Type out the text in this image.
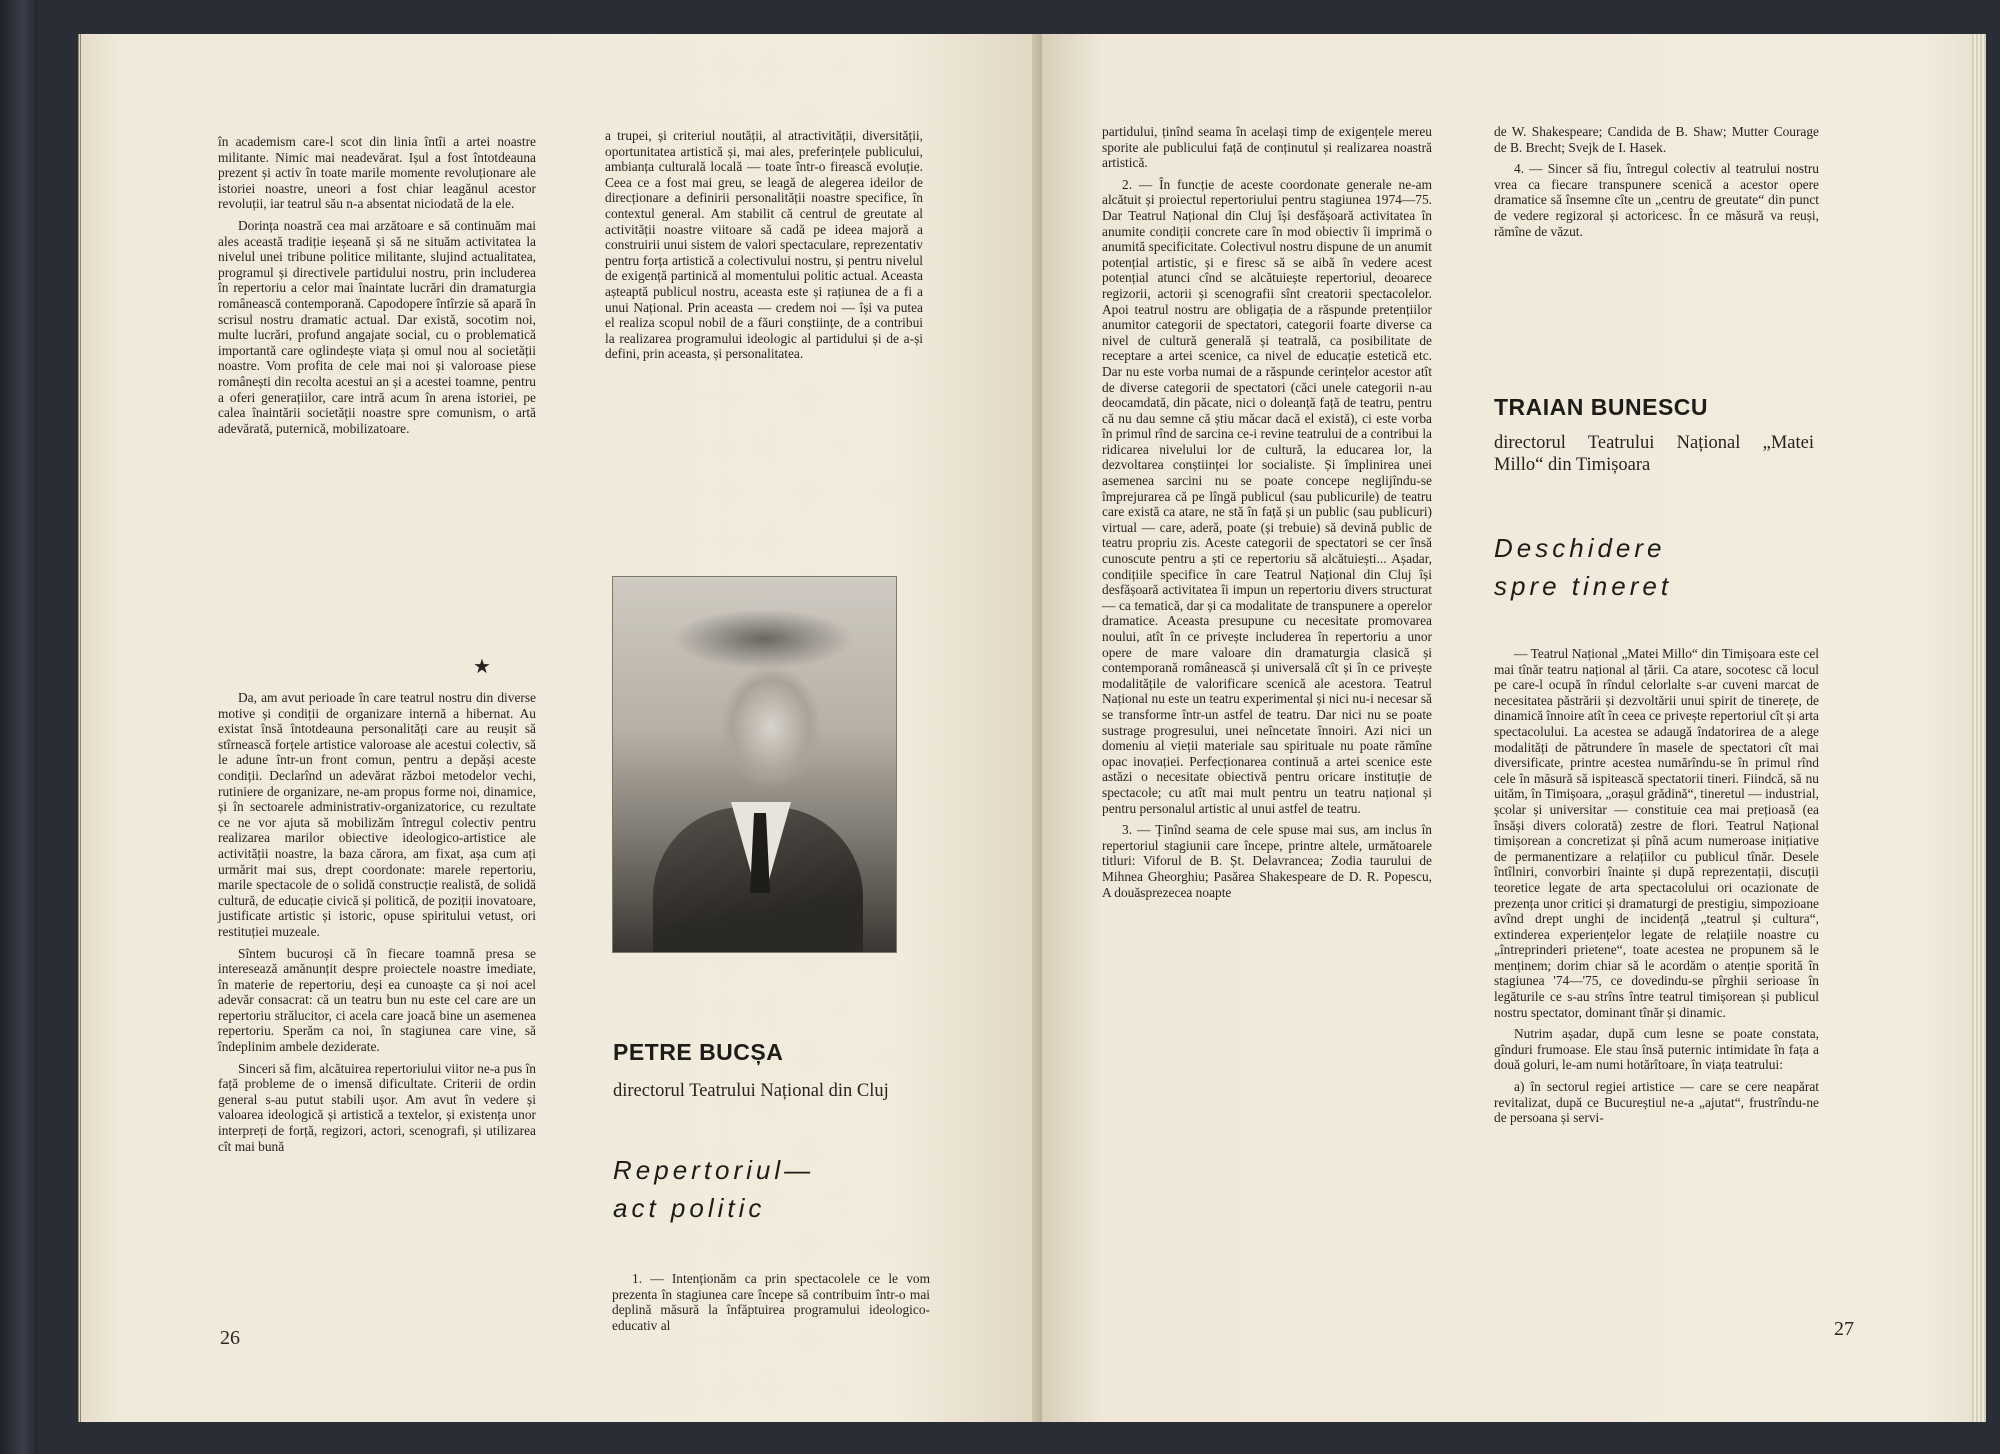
în academism care-l scot din linia întîi a artei noastre militante. Nimic mai neadevărat. Ișul a fost întotdeauna prezent și activ în toate marile momente revoluționare ale istoriei noastre, uneori a fost chiar leagănul acestor revoluții, iar teatrul său n-a absentat niciodată de la ele.

Dorința noastră cea mai arzătoare e să continuăm mai ales această tradiție ieșeană și să ne situăm activitatea la nivelul unei tribune politice militante, slujind actualitatea, programul și directivele partidului nostru, prin includerea în repertoriu a celor mai înaintate lucrări din dramaturgia românească contemporană. Capodopere întîrzie să apară în scrisul nostru dramatic actual. Dar există, socotim noi, multe lucrări, profund angajate social, cu o problematică importantă care oglindește viața și omul nou al societății noastre. Vom profita de cele mai noi și valoroase piese românești din recolta acestui an și a acestei toamne, pentru a oferi generațiilor, care intră acum în arena istoriei, pe calea înaintării societății noastre spre comunism, o artă adevărată, puternică, mobilizatoare.

★

Da, am avut perioade în care teatrul nostru din diverse motive și condiții de organizare internă a hibernat. Au existat însă întotdeauna personalități care au reușit să stîrnească forțele artistice valoroase ale acestui colectiv, să le adune într-un front comun, pentru a depăși aceste condiții. Declarînd un adevărat război metodelor vechi, rutiniere de organizare, ne-am propus forme noi, dinamice, și în sectoarele administrativ-organizatorice, cu rezultate ce ne vor ajuta să mobilizăm întregul colectiv pentru realizarea marilor obiective ideologico-artistice ale activității noastre, la baza cărora, am fixat, așa cum ați urmărit mai sus, drept coordonate: marele repertoriu, marile spectacole de o solidă construcție realistă, de solidă cultură, de educație civică și politică, de poziții inovatoare, justificate artistic și istoric, opuse spiritului vetust, ori restituției muzeale.

Sîntem bucuroși că în fiecare toamnă presa se interesează amănunțit despre proiectele noastre imediate, în materie de repertoriu, deși ea cunoaște ca și noi acel adevăr consacrat: că un teatru bun nu este cel care are un repertoriu strălucitor, ci acela care joacă bine un asemenea repertoriu. Sperăm ca noi, în stagiunea care vine, să îndeplinim ambele deziderate.

Sinceri să fim, alcătuirea repertoriului viitor ne-a pus în față probleme de o imensă dificultate. Criterii de ordin general s-au putut stabili ușor. Am avut în vedere și valoarea ideologică și artistică a textelor, și existența unor interpreți de forță, regizori, actori, scenografi, și utilizarea cît mai bună

a trupei, și criteriul noutății, al atractivității, diversității, oportunitatea artistică și, mai ales, preferințele publicului, ambianța culturală locală — toate într-o firească evoluție. Ceea ce a fost mai greu, se leagă de alegerea ideilor de direcționare a definirii personalității noastre specifice, în contextul general. Am stabilit că centrul de greutate al activității noastre viitoare să cadă pe ideea majoră a construirii unui sistem de valori spectaculare, reprezentativ pentru forța artistică a colectivului nostru, și pentru nivelul de exigență partinică al momentului politic actual. Aceasta așteaptă publicul nostru, aceasta este și rațiunea de a fi a unui Național. Prin aceasta — credem noi — își va putea el realiza scopul nobil de a făuri conștiințe, de a contribui la realizarea programului ideologic al partidului și de a-și defini, prin aceasta, și personalitatea.

PETRE BUCȘA
directorul Teatrului Național din Cluj
Repertoriul—
act politic

1. — Intenționăm ca prin spectacolele ce le vom prezenta în stagiunea care începe să contribuim într-o mai deplină măsură la înfăptuirea programului ideologico-educativ al

26

partidului, ținînd seama în același timp de exigențele mereu sporite ale publicului față de conținutul și realizarea noastră artistică.

2. — În funcție de aceste coordonate generale ne-am alcătuit și proiectul repertoriului pentru stagiunea 1974—75. Dar Teatrul Național din Cluj își desfășoară activitatea în anumite condiții concrete care în mod obiectiv îi imprimă o anumită specificitate. Colectivul nostru dispune de un anumit potențial artistic, și e firesc să se aibă în vedere acest potențial atunci cînd se alcătuiește repertoriul, deoarece regizorii, actorii și scenografii sînt creatorii spectacolelor. Apoi teatrul nostru are obligația de a răspunde pretențiilor anumitor categorii de spectatori, categorii foarte diverse ca nivel de cultură generală și teatrală, ca posibilitate de receptare a artei scenice, ca nivel de educație estetică etc. Dar nu este vorba numai de a răspunde cerințelor acestor atît de diverse categorii de spectatori (căci unele categorii n-au deocamdată, din păcate, nici o doleanță față de teatru, pentru că nu dau semne că știu măcar dacă el există), ci este vorba în primul rînd de sarcina ce-i revine teatrului de a contribui la ridicarea nivelului lor de cultură, la educarea lor, la dezvoltarea conștiinței lor socialiste. Și împlinirea unei asemenea sarcini nu se poate concepe neglijîndu-se împrejurarea că pe lîngă publicul (sau publicurile) de teatru care există ca atare, ne stă în față și un public (sau publicuri) virtual — care, aderă, poate (și trebuie) să devină public de teatru propriu zis. Aceste categorii de spectatori se cer însă cunoscute pentru a ști ce repertoriu să alcătuiești... Așadar, condițiile specifice în care Teatrul Național din Cluj își desfășoară activitatea îi impun un repertoriu divers structurat — ca tematică, dar și ca modalitate de transpunere a operelor dramatice. Aceasta presupune cu necesitate promovarea noului, atît în ce privește includerea în repertoriu a unor opere de mare valoare din dramaturgia clasică și contemporană românească și universală cît și în ce privește modalitățile de valorificare scenică ale acestora. Teatrul Național nu este un teatru experimental și nici nu-i necesar să se transforme într-un astfel de teatru. Dar nici nu se poate sustrage progresului, unei neîncetate înnoiri. Azi nici un domeniu al vieții materiale sau spirituale nu poate rămîne opac inovației. Perfecționarea continuă a artei scenice este astăzi o necesitate obiectivă pentru oricare instituție de spectacole; cu atît mai mult pentru un teatru național și pentru personalul artistic al unui astfel de teatru.

3. — Ținînd seama de cele spuse mai sus, am inclus în repertoriul stagiunii care începe, printre altele, următoarele titluri: Viforul de B. Șt. Delavrancea; Zodia taurului de Mihnea Gheorghiu; Pasărea Shakespeare de D. R. Popescu, A douăsprezecea noapte

de W. Shakespeare; Candida de B. Shaw; Mutter Courage de B. Brecht; Svejk de I. Hasek.

4. — Sincer să fiu, întregul colectiv al teatrului nostru vrea ca fiecare transpunere scenică a acestor opere dramatice să însemne cîte un „centru de greutate“ din punct de vedere regizoral și actoricesc. În ce măsură va reuși, rămîne de văzut.

TRAIAN BUNESCU
directorul Teatrului Național „Matei Millo“ din Timișoara
Deschidere
spre tineret

— Teatrul Național „Matei Millo“ din Timișoara este cel mai tînăr teatru național al țării. Ca atare, socotesc că locul pe care-l ocupă în rîndul celorlalte s-ar cuveni marcat de necesitatea păstrării și dezvoltării unui spirit de tinerețe, de dinamică înnoire atît în ceea ce privește repertoriul cît și arta spectacolului. La acestea se adaugă îndatorirea de a alege modalități de pătrundere în masele de spectatori cît mai diversificate, printre acestea numărîndu-se în primul rînd cele în măsură să ispitească spectatorii tineri. Fiindcă, să nu uităm, în Timișoara, „orașul grădină“, tineretul — industrial, școlar și universitar — constituie cea mai prețioasă (ea însăși divers colorată) zestre de flori. Teatrul Național timișorean a concretizat și pînă acum numeroase inițiative de permanentizare a relațiilor cu publicul tînăr. Desele întîlniri, convorbiri înainte și după reprezentații, discuții teoretice legate de arta spectacolului ori ocazionate de prezența unor critici și dramaturgi de prestigiu, simpozioane avînd drept unghi de incidență „teatrul și cultura“, extinderea experiențelor legate de relațiile noastre cu „întreprinderi prietene“, toate acestea ne propunem să le menținem; dorim chiar să le acordăm o atenție sporită în stagiunea '74—'75, ce dovedindu-se pîrghii serioase în legăturile ce s-au strîns între teatrul timișorean și publicul nostru spectator, dominant tînăr și dinamic.

Nutrim așadar, după cum lesne se poate constata, gînduri frumoase. Ele stau însă puternic intimidate în fața a două goluri, le-am numi hotărîtoare, în viața teatrului:

a) în sectorul regiei artistice — care se cere neapărat revitalizat, după ce Bucureștiul ne-a „ajutat“, frustrîndu-ne de persoana și servi-

27
